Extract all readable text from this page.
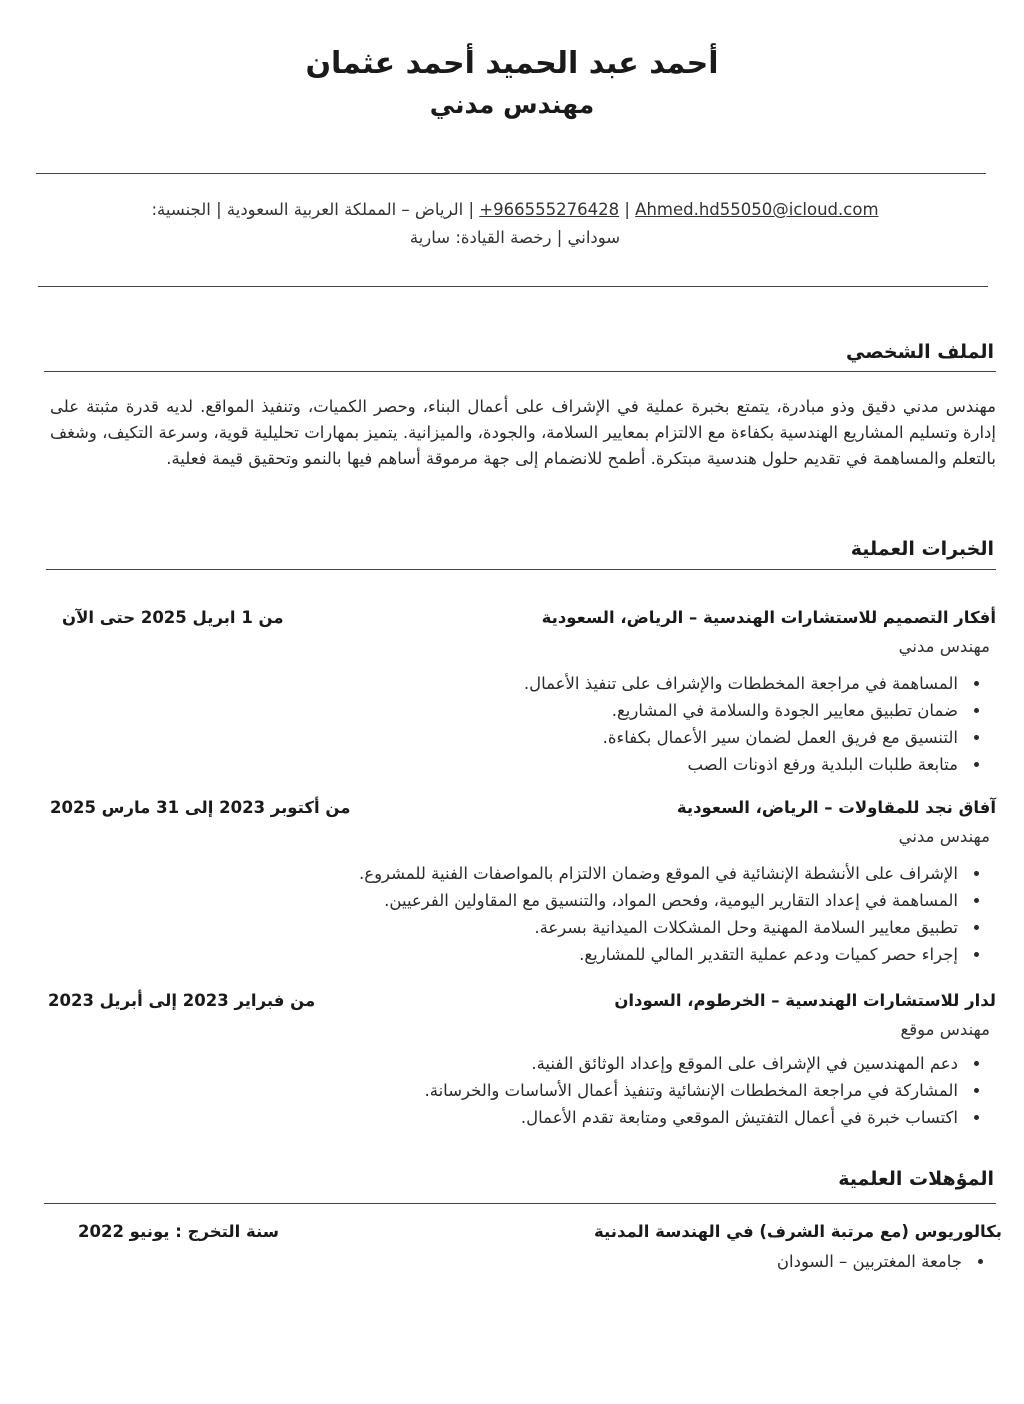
أحمد عبد الحميد أحمد عثمان
مهندس مدني
+966555276428 | Ahmed.hd55050@icloud.com | الرياض – المملكة العربية السعودية | الجنسية:
سوداني | رخصة القيادة: سارية
الملف الشخصي
مهندس مدني دقيق وذو مبادرة، يتمتع بخبرة عملية في الإشراف على أعمال البناء، وحصر الكميات، وتنفيذ المواقع. لديه قدرة مثبتة على إدارة وتسليم المشاريع الهندسية بكفاءة مع الالتزام بمعايير السلامة، والجودة، والميزانية. يتميز بمهارات تحليلية قوية، وسرعة التكيف، وشغف بالتعلم والمساهمة في تقديم حلول هندسية مبتكرة. أطمح للانضمام إلى جهة مرموقة أساهم فيها بالنمو وتحقيق قيمة فعلية.
الخبرات العملية
أفكار التصميم للاستشارات الهندسية – الرياض، السعودية
من 1 ابريل 2025 حتى الآن
مهندس مدني
• المساهمة في مراجعة المخططات والإشراف على تنفيذ الأعمال.
• ضمان تطبيق معايير الجودة والسلامة في المشاريع.
• التنسيق مع فريق العمل لضمان سير الأعمال بكفاءة.
• متابعة طلبات البلدية ورفع اذونات الصب
آفاق نجد للمقاولات – الرياض، السعودية
من أكتوبر 2023 إلى 31 مارس 2025
مهندس مدني
• الإشراف على الأنشطة الإنشائية في الموقع وضمان الالتزام بالمواصفات الفنية للمشروع.
• المساهمة في إعداد التقارير اليومية، وفحص المواد، والتنسيق مع المقاولين الفرعيين.
• تطبيق معايير السلامة المهنية وحل المشكلات الميدانية بسرعة.
• إجراء حصر كميات ودعم عملية التقدير المالي للمشاريع.
لدار للاستشارات الهندسية – الخرطوم، السودان
من فبراير 2023 إلى أبريل 2023
مهندس موقع
• دعم المهندسين في الإشراف على الموقع وإعداد الوثائق الفنية.
• المشاركة في مراجعة المخططات الإنشائية وتنفيذ أعمال الأساسات والخرسانة.
• اكتساب خبرة في أعمال التفتيش الموقعي ومتابعة تقدم الأعمال.
المؤهلات العلمية
بكالوريوس (مع مرتبة الشرف) في الهندسة المدنية
سنة التخرج : يونيو 2022
• جامعة المغتربين – السودان
